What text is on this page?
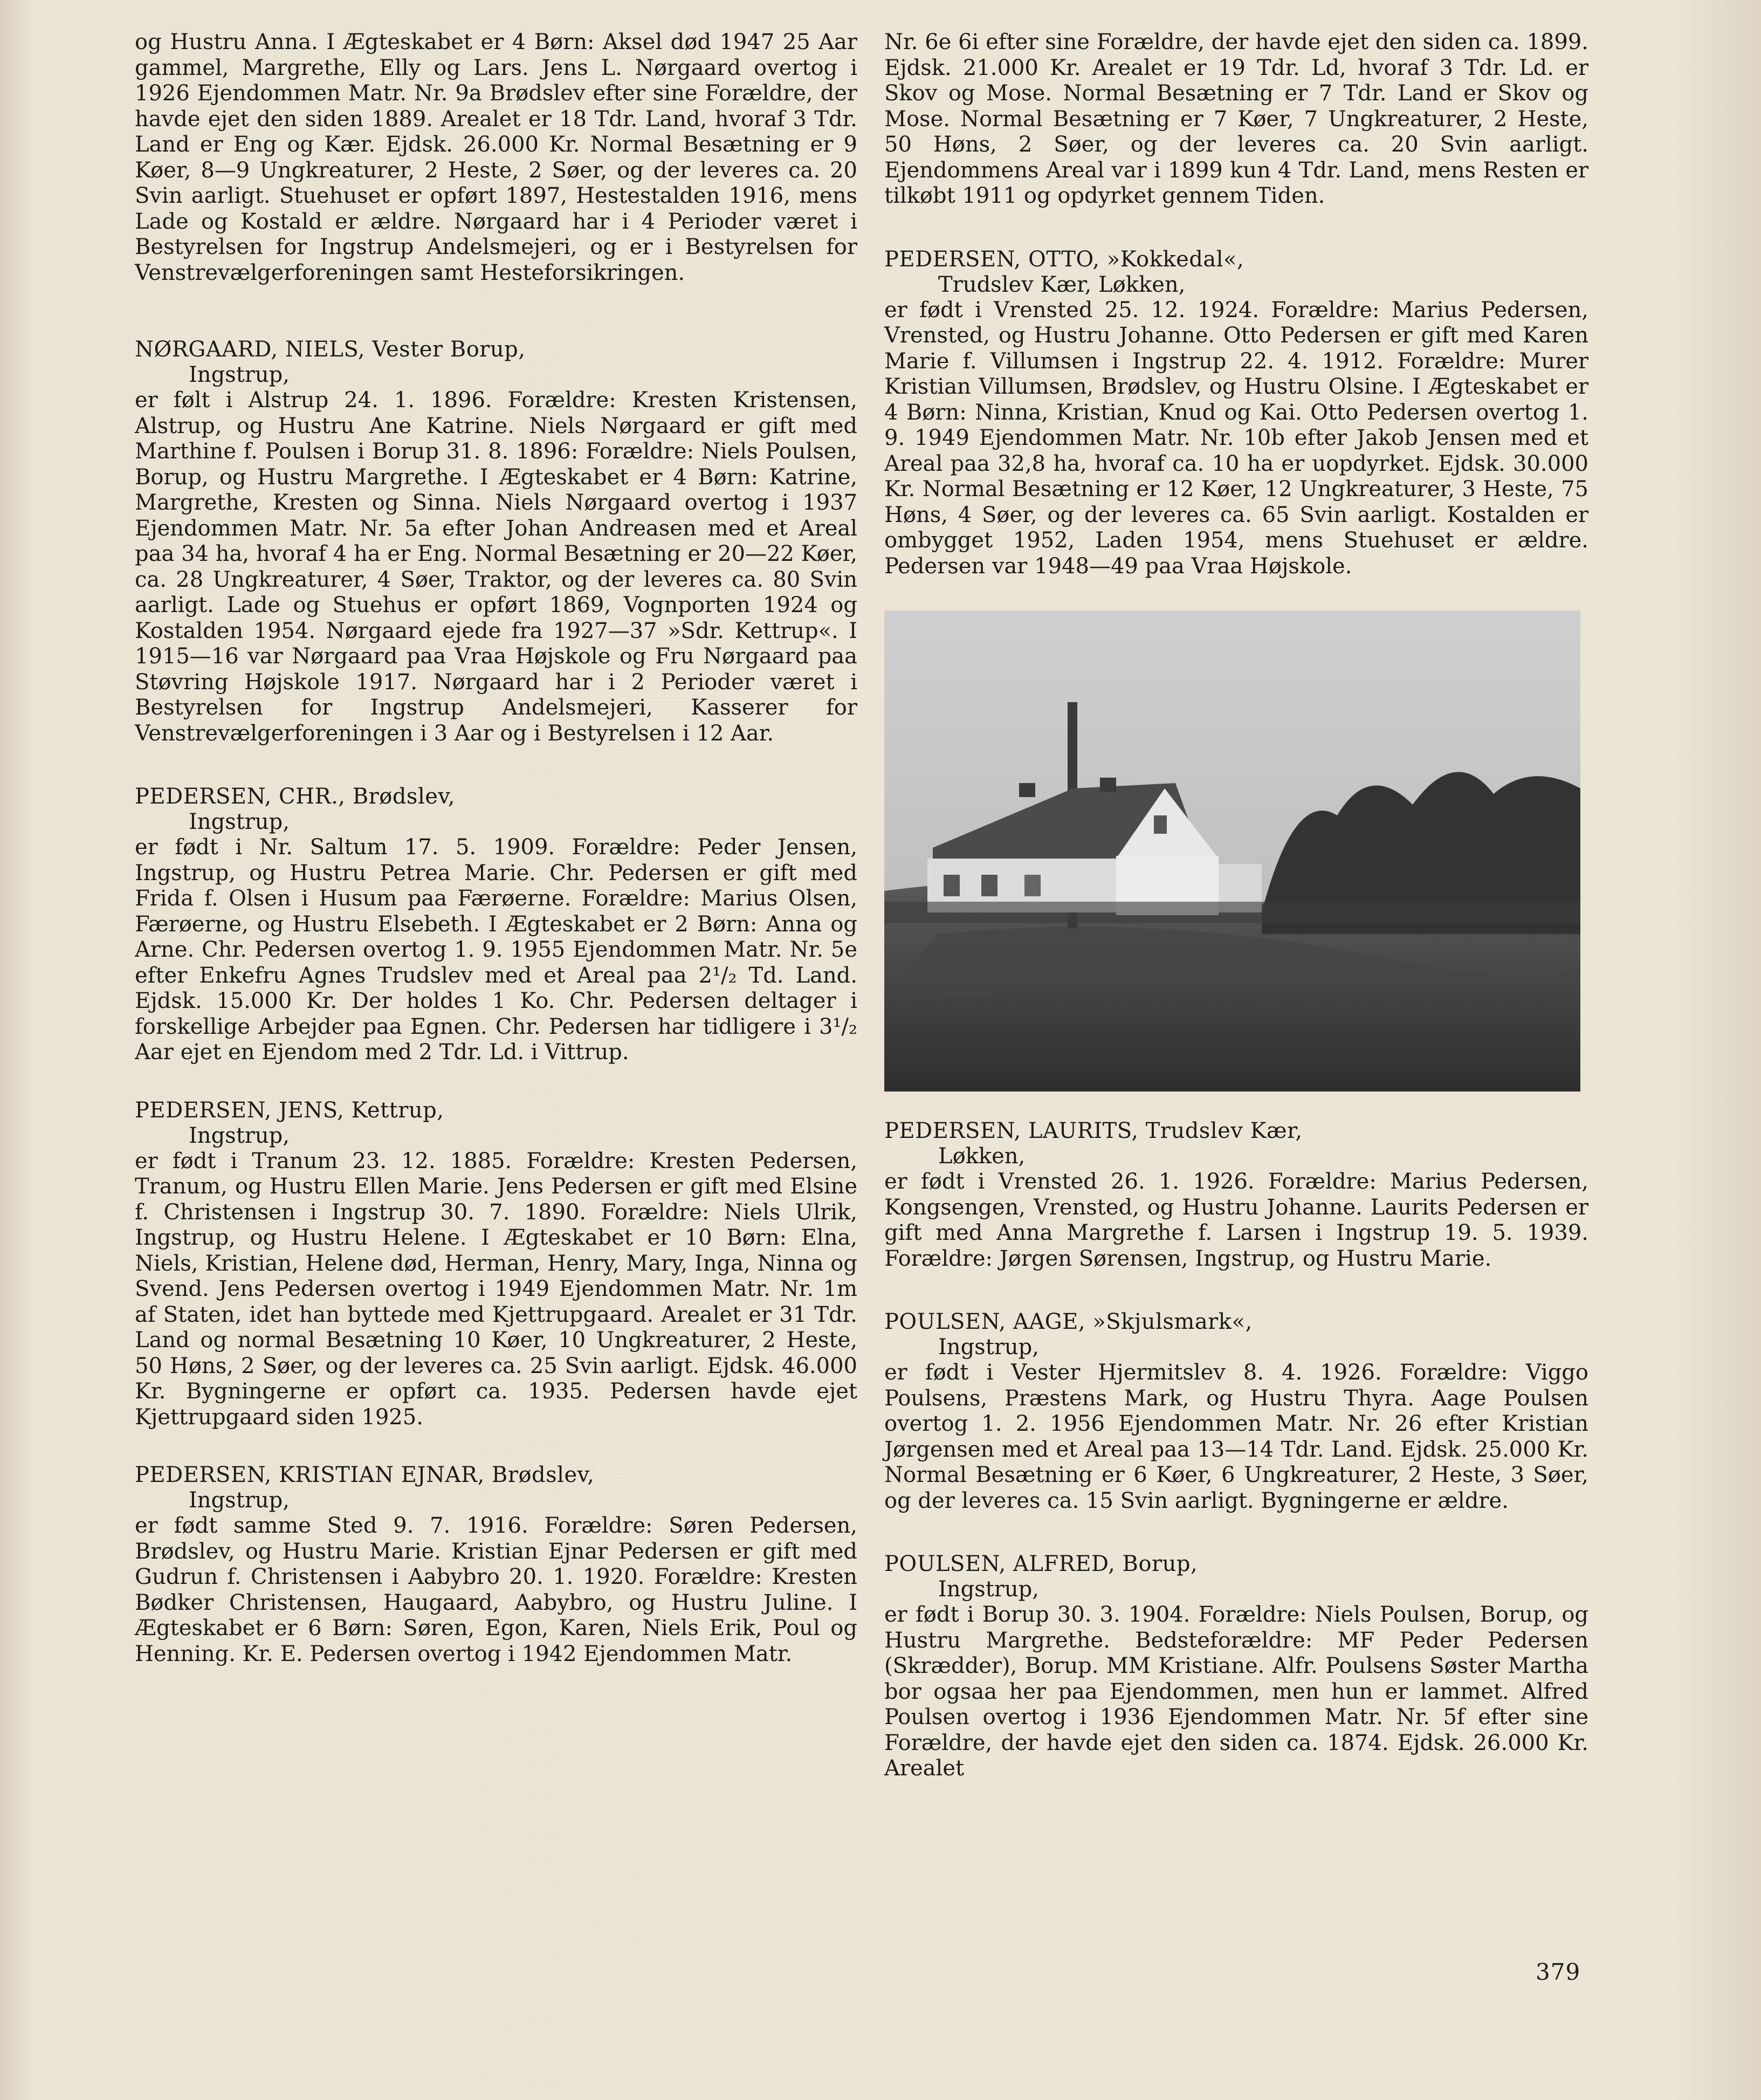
og Hustru Anna. I Ægteskabet er 4 Børn: Aksel død 1947 25 Aar gammel, Margrethe, Elly og Lars. Jens L. Nørgaard overtog i 1926 Ejendommen Matr. Nr. 9a Brødslev efter sine Forældre, der havde ejet den siden 1889. Arealet er 18 Tdr. Land, hvoraf 3 Tdr. Land er Eng og Kær. Ejdsk. 26.000 Kr. Normal Besætning er 9 Køer, 8—9 Ungkreaturer, 2 Heste, 2 Søer, og der leveres ca. 20 Svin aarligt. Stuehuset er opført 1897, Hestestalden 1916, mens Lade og Kostald er ældre. Nørgaard har i 4 Perioder været i Bestyrelsen for Ingstrup Andelsmejeri, og er i Bestyrelsen for Venstrevælgerforeningen samt Hesteforsikringen.

NØRGAARD, NIELS, Vester Borup,

Ingstrup,

er følt i Alstrup 24. 1. 1896. Forældre: Kresten Kristensen, Alstrup, og Hustru Ane Katrine. Niels Nørgaard er gift med Marthine f. Poulsen i Borup 31. 8. 1896: Forældre: Niels Poulsen, Borup, og Hustru Margrethe. I Ægteskabet er 4 Børn: Katrine, Margrethe, Kresten og Sinna. Niels Nørgaard overtog i 1937 Ejendommen Matr. Nr. 5a efter Johan Andreasen med et Areal paa 34 ha, hvoraf 4 ha er Eng. Normal Besætning er 20—22 Køer, ca. 28 Ungkreaturer, 4 Søer, Traktor, og der leveres ca. 80 Svin aarligt. Lade og Stuehus er opført 1869, Vognporten 1924 og Kostalden 1954. Nørgaard ejede fra 1927—37 »Sdr. Kettrup«. I 1915—16 var Nørgaard paa Vraa Højskole og Fru Nørgaard paa Støvring Højskole 1917. Nørgaard har i 2 Perioder været i Bestyrelsen for Ingstrup Andelsmejeri, Kasserer for Venstrevælgerforeningen i 3 Aar og i Bestyrelsen i 12 Aar.

PEDERSEN, CHR., Brødslev,

Ingstrup,

er født i Nr. Saltum 17. 5. 1909. Forældre: Peder Jensen, Ingstrup, og Hustru Petrea Marie. Chr. Pedersen er gift med Frida f. Olsen i Husum paa Færøerne. Forældre: Marius Olsen, Færøerne, og Hustru Elsebeth. I Ægteskabet er 2 Børn: Anna og Arne. Chr. Pedersen overtog 1. 9. 1955 Ejendommen Matr. Nr. 5e efter Enkefru Agnes Trudslev med et Areal paa 2¹/₂ Td. Land. Ejdsk. 15.000 Kr. Der holdes 1 Ko. Chr. Pedersen deltager i forskellige Arbejder paa Egnen. Chr. Pedersen har tidligere i 3¹/₂ Aar ejet en Ejendom med 2 Tdr. Ld. i Vittrup.

PEDERSEN, JENS, Kettrup,

Ingstrup,

er født i Tranum 23. 12. 1885. Forældre: Kresten Pedersen, Tranum, og Hustru Ellen Marie. Jens Pedersen er gift med Elsine f. Christensen i Ingstrup 30. 7. 1890. Forældre: Niels Ulrik, Ingstrup, og Hustru Helene. I Ægteskabet er 10 Børn: Elna, Niels, Kristian, Helene død, Herman, Henry, Mary, Inga, Ninna og Svend. Jens Pedersen overtog i 1949 Ejendommen Matr. Nr. 1m af Staten, idet han byttede med Kjettrupgaard. Arealet er 31 Tdr. Land og normal Besætning 10 Køer, 10 Ungkreaturer, 2 Heste, 50 Høns, 2 Søer, og der leveres ca. 25 Svin aarligt. Ejdsk. 46.000 Kr. Bygningerne er opført ca. 1935. Pedersen havde ejet Kjettrupgaard siden 1925.

PEDERSEN, KRISTIAN EJNAR, Brødslev,

Ingstrup,

er født samme Sted 9. 7. 1916. Forældre: Søren Pedersen, Brødslev, og Hustru Marie. Kristian Ejnar Pedersen er gift med Gudrun f. Christensen i Aabybro 20. 1. 1920. Forældre: Kresten Bødker Christensen, Haugaard, Aabybro, og Hustru Juline. I Ægteskabet er 6 Børn: Søren, Egon, Karen, Niels Erik, Poul og Henning. Kr. E. Pedersen overtog i 1942 Ejendommen Matr.

Nr. 6e 6i efter sine Forældre, der havde ejet den siden ca. 1899. Ejdsk. 21.000 Kr. Arealet er 19 Tdr. Ld, hvoraf 3 Tdr. Ld. er Skov og Mose. Normal Besætning er 7 Tdr. Land er Skov og Mose. Normal Besætning er 7 Køer, 7 Ungkreaturer, 2 Heste, 50 Høns, 2 Søer, og der leveres ca. 20 Svin aarligt. Ejendommens Areal var i 1899 kun 4 Tdr. Land, mens Resten er tilkøbt 1911 og opdyrket gennem Tiden.

PEDERSEN, OTTO, »Kokkedal«,

Trudslev Kær, Løkken,

er født i Vrensted 25. 12. 1924. Forældre: Marius Pedersen, Vrensted, og Hustru Johanne. Otto Pedersen er gift med Karen Marie f. Villumsen i Ingstrup 22. 4. 1912. Forældre: Murer Kristian Villumsen, Brødslev, og Hustru Olsine. I Ægteskabet er 4 Børn: Ninna, Kristian, Knud og Kai. Otto Pedersen overtog 1. 9. 1949 Ejendommen Matr. Nr. 10b efter Jakob Jensen med et Areal paa 32,8 ha, hvoraf ca. 10 ha er uopdyrket. Ejdsk. 30.000 Kr. Normal Besætning er 12 Køer, 12 Ungkreaturer, 3 Heste, 75 Høns, 4 Søer, og der leveres ca. 65 Svin aarligt. Kostalden er ombygget 1952, Laden 1954, mens Stuehuset er ældre. Pedersen var 1948—49 paa Vraa Højskole.

PEDERSEN, LAURITS, Trudslev Kær,

Løkken,

er født i Vrensted 26. 1. 1926. Forældre: Marius Pedersen, Kongsengen, Vrensted, og Hustru Johanne. Laurits Pedersen er gift med Anna Margrethe f. Larsen i Ingstrup 19. 5. 1939. Forældre: Jørgen Sørensen, Ingstrup, og Hustru Marie.

POULSEN, AAGE, »Skjulsmark«,

Ingstrup,

er født i Vester Hjermitslev 8. 4. 1926. Forældre: Viggo Poulsens, Præstens Mark, og Hustru Thyra. Aage Poulsen overtog 1. 2. 1956 Ejendommen Matr. Nr. 26 efter Kristian Jørgensen med et Areal paa 13—14 Tdr. Land. Ejdsk. 25.000 Kr. Normal Besætning er 6 Køer, 6 Ungkreaturer, 2 Heste, 3 Søer, og der leveres ca. 15 Svin aarligt. Bygningerne er ældre.

POULSEN, ALFRED, Borup,

Ingstrup,

er født i Borup 30. 3. 1904. Forældre: Niels Poulsen, Borup, og Hustru Margrethe. Bedsteforældre: MF Peder Pedersen (Skrædder), Borup. MM Kristiane. Alfr. Poulsens Søster Martha bor ogsaa her paa Ejendommen, men hun er lammet. Alfred Poulsen overtog i 1936 Ejendommen Matr. Nr. 5f efter sine Forældre, der havde ejet den siden ca. 1874. Ejdsk. 26.000 Kr. Arealet

379
